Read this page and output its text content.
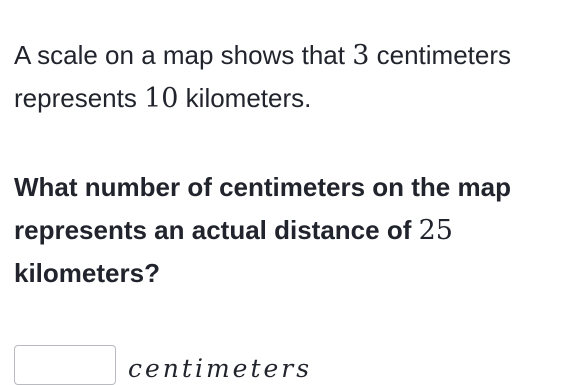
A scale on a map shows that 3 centimeters represents 10 kilometers.

What number of centimeters on the map represents an actual distance of 25 kilometers?

centimeters
